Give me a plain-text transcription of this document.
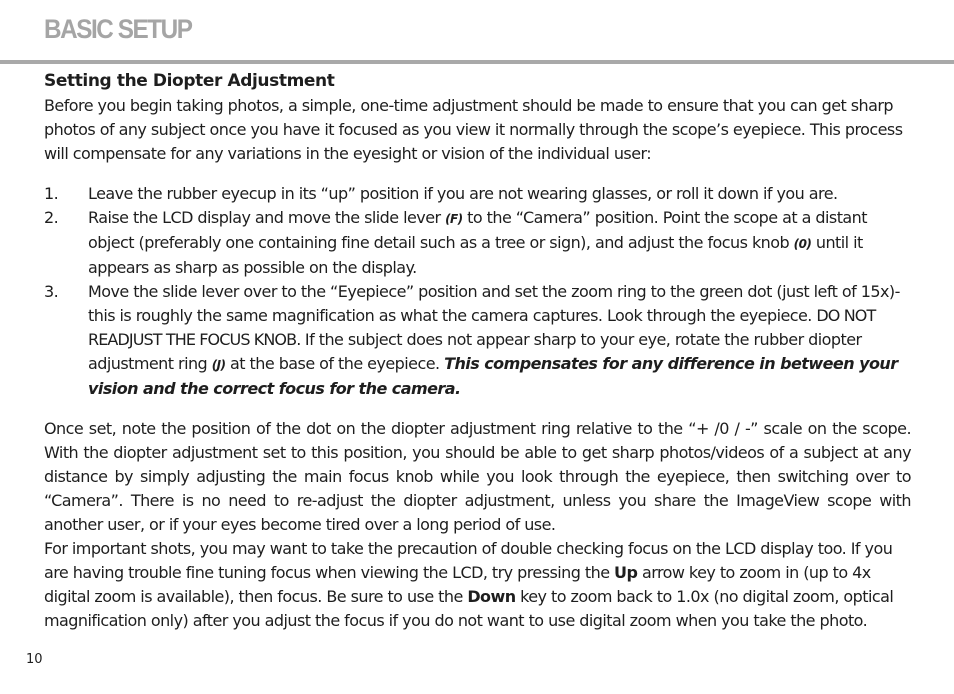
BASIC SETUP
Setting the Diopter Adjustment

Before you begin taking photos, a simple, one-time adjustment should be made to ensure that you can get sharp photos of any subject once you have it focused as you view it normally through the scope’s eyepiece. This process will compensate for any variations in the eyesight or vision of the individual user:

1.	Leave the rubber eyecup in its “up” position if you are not wearing glasses, or roll it down if you are.
2.	Raise the LCD display and move the slide lever (F) to the “Camera” position. Point the scope at a distant object (preferably one containing fine detail such as a tree or sign), and adjust the focus knob (0) until it appears as sharp as possible on the display.
3.	Move the slide lever over to the “Eyepiece” position and set the zoom ring to the green dot (just left of 15x)-this is roughly the same magnification as what the camera captures. Look through the eyepiece. DO NOT READJUST THE FOCUS KNOB. If the subject does not appear sharp to your eye, rotate the rubber diopter adjustment ring (J) at the base of the eyepiece. This compensates for any difference in between your vision and the correct focus for the camera.

Once set, note the position of the dot on the diopter adjustment ring relative to the “+ /0 / -” scale on the scope. With the diopter adjustment set to this position, you should be able to get sharp photos/videos of a subject at any distance by simply adjusting the main focus knob while you look through the eyepiece, then switching over to “Camera”. There is no need to re-adjust the diopter adjustment, unless you share the ImageView scope with another user, or if your eyes become tired over a long period of use.

For important shots, you may want to take the precaution of double checking focus on the LCD display too. If you are having trouble fine tuning focus when viewing the LCD, try pressing the Up arrow key to zoom in (up to 4x digital zoom is available), then focus. Be sure to use the Down key to zoom back to 1.0x (no digital zoom, optical magnification only) after you adjust the focus if you do not want to use digital zoom when you take the photo.

10
